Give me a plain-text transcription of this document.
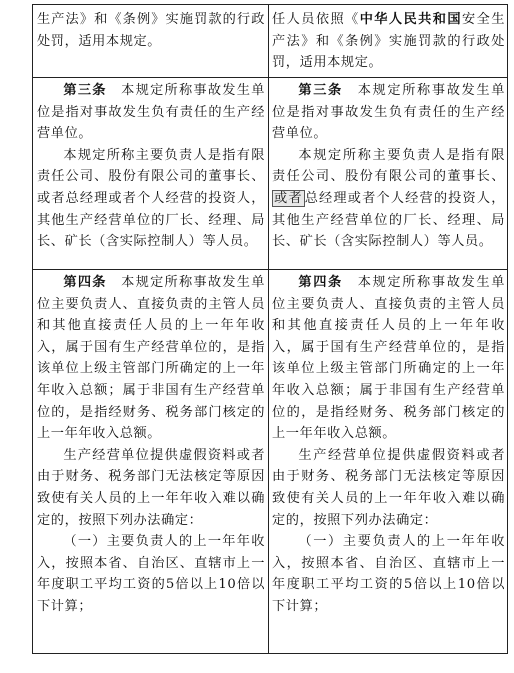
生产法》和《条例》实施罚款的行政处罚，适用本规定。

任人员依照《中华人民共和国安全生产法》和《条例》实施罚款的行政处罚，适用本规定。

第三条　本规定所称事故发生单位是指对事故发生负有责任的生产经营单位。

本规定所称主要负责人是指有限责任公司、股份有限公司的董事长、或者总经理或者个人经营的投资人，其他生产经营单位的厂长、经理、局长、矿长（含实际控制人）等人员。

第三条　本规定所称事故发生单位是指对事故发生负有责任的生产经营单位。

本规定所称主要负责人是指有限责任公司、股份有限公司的董事长、或者 总经理或者个人经营的投资人，其他生产经营单位的厂长、经理、局长、矿长（含实际控制人）等人员。

第四条　本规定所称事故发生单位主要负责人、直接负责的主管人员和其他直接责任人员的上一年年收入，属于国有生产经营单位的，是指该单位上级主管部门所确定的上一年年收入总额；属于非国有生产经营单位的，是指经财务、税务部门核定的上一年年收入总额。

生产经营单位提供虚假资料或者由于财务、税务部门无法核定等原因致使有关人员的上一年年收入难以确定的，按照下列办法确定：

（一）主要负责人的上一年年收入，按照本省、自治区、直辖市上一年度职工平均工资的5倍以上10倍以下计算；

第四条　本规定所称事故发生单位主要负责人、直接负责的主管人员和其他直接责任人员的上一年年收入，属于国有生产经营单位的，是指该单位上级主管部门所确定的上一年年收入总额；属于非国有生产经营单位的，是指经财务、税务部门核定的上一年年收入总额。

生产经营单位提供虚假资料或者由于财务、税务部门无法核定等原因致使有关人员的上一年年收入难以确定的，按照下列办法确定：

（一）主要负责人的上一年年收入，按照本省、自治区、直辖市上一年度职工平均工资的5倍以上10倍以下计算；
